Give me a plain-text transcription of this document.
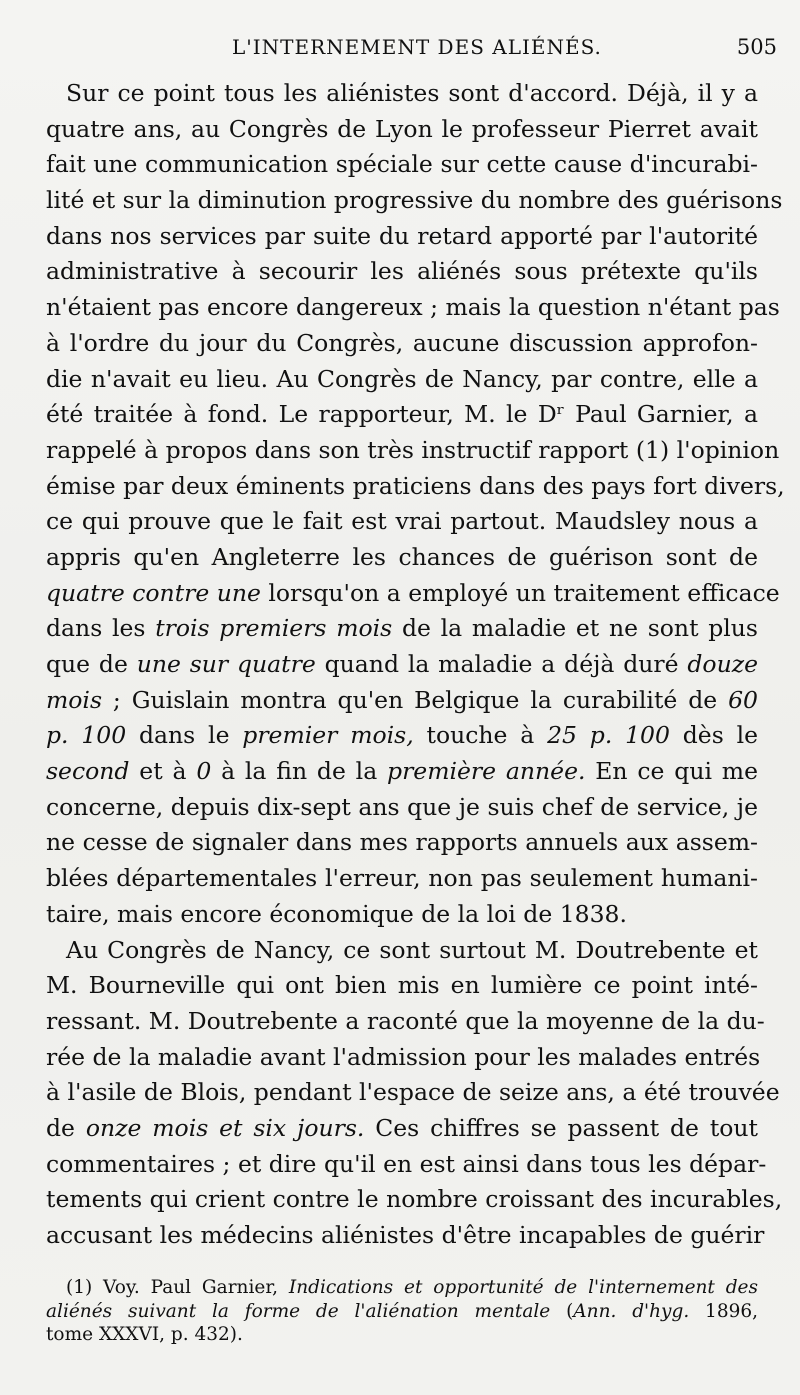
L'INTERNEMENT DES ALIÉNÉS.	505
Sur ce point tous les aliénistes sont d'accord. Déjà, il y a
quatre ans, au Congrès de Lyon le professeur Pierret avait
fait une communication spéciale sur cette cause d'incurabi-
lité et sur la diminution progressive du nombre des guérisons
dans nos services par suite du retard apporté par l'autorité
administrative à secourir les aliénés sous prétexte qu'ils
n'étaient pas encore dangereux ; mais la question n'étant pas
à l'ordre du jour du Congrès, aucune discussion approfon-
die n'avait eu lieu. Au Congrès de Nancy, par contre, elle a
été traitée à fond. Le rapporteur, M. le Dʳ Paul Garnier, a
rappelé à propos dans son très instructif rapport (1) l'opinion
émise par deux éminents praticiens dans des pays fort divers,
ce qui prouve que le fait est vrai partout. Maudsley nous a
appris qu'en Angleterre les chances de guérison sont de
quatre contre une lorsqu'on a employé un traitement efficace
dans les trois premiers mois de la maladie et ne sont plus
que de une sur quatre quand la maladie a déjà duré douze
mois ; Guislain montra qu'en Belgique la curabilité de 60
p. 100 dans le premier mois, touche à 25 p. 100 dès le
second et à 0 à la fin de la première année. En ce qui me
concerne, depuis dix-sept ans que je suis chef de service, je
ne cesse de signaler dans mes rapports annuels aux assem-
blées départementales l'erreur, non pas seulement humani-
taire, mais encore économique de la loi de 1838.
Au Congrès de Nancy, ce sont surtout M. Doutrebente et
M. Bourneville qui ont bien mis en lumière ce point inté-
ressant. M. Doutrebente a raconté que la moyenne de la du-
rée de la maladie avant l'admission pour les malades entrés
à l'asile de Blois, pendant l'espace de seize ans, a été trouvée
de onze mois et six jours. Ces chiffres se passent de tout
commentaires ; et dire qu'il en est ainsi dans tous les dépar-
tements qui crient contre le nombre croissant des incurables,
accusant les médecins aliénistes d'être incapables de guérir
(1) Voy. Paul Garnier, Indications et opportunité de l'internement des
aliénés suivant la forme de l'aliénation mentale (Ann. d'hyg. 1896,
tome XXXVI, p. 432).
